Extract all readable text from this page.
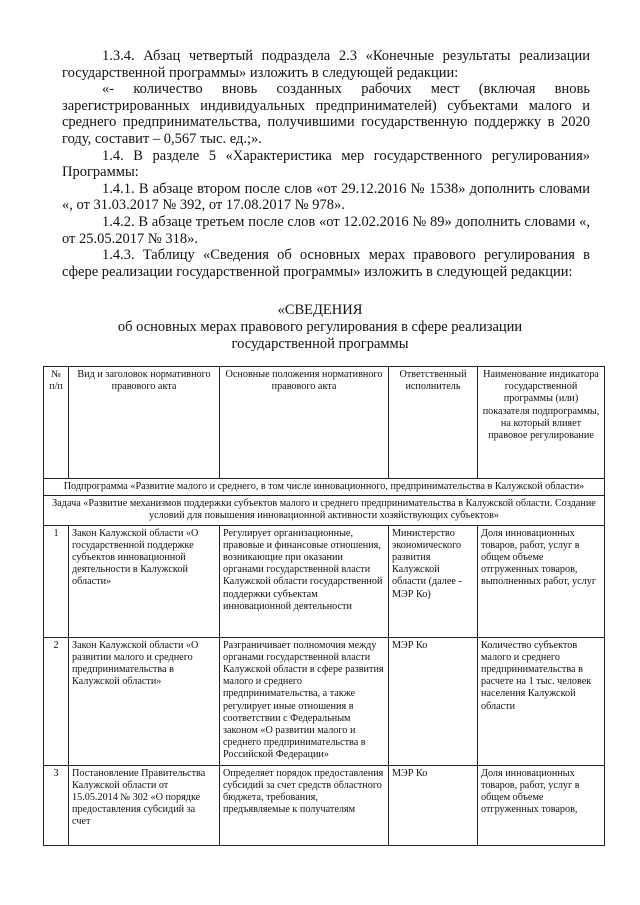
1.3.4. Абзац четвертый подраздела 2.3 «Конечные результаты реализации государственной программы» изложить в следующей редакции:

«- количество вновь созданных рабочих мест (включая вновь зарегистрированных индивидуальных предпринимателей) субъектами малого и среднего предпринимательства, получившими государственную поддержку в 2020 году, составит – 0,567 тыс. ед.;».

1.4. В разделе 5 «Характеристика мер государственного регулирования» Программы:

1.4.1. В абзаце втором после слов «от 29.12.2016 № 1538» дополнить словами «, от 31.03.2017 № 392, от 17.08.2017 № 978».

1.4.2. В абзаце третьем после слов «от 12.02.2016 № 89» дополнить словами «, от 25.05.2017 № 318».

1.4.3. Таблицу «Сведения об основных мерах правового регулирования в сфере реализации государственной программы» изложить в следующей редакции:

«СВЕДЕНИЯ
об основных мерах правового регулирования в сфере реализации
государственной программы
№ п/п	Вид и заголовок нормативного правового акта	Основные положения нормативного правового акта	Ответственный исполнитель	Наименование индикатора государственной программы (или) показателя подпрограммы, на который влияет правовое регулирование
Подпрограмма «Развитие малого и среднего, в том числе инновационного, предпринимательства в Калужской области»				
Задача «Развитие механизмов поддержки субъектов малого и среднего предпринимательства в Калужской области. Создание условий для повышения инновационной активности хозяйствующих субъектов»				
1	Закон Калужской области «О государственной поддержке субъектов инновационной деятельности в Калужской области»	Регулирует организационные, правовые и финансовые отношения, возникающие при оказании органами государственной власти Калужской области государственной поддержки субъектам инновационной деятельности	Министерство экономического развития Калужской области (далее - МЭР Ко)	Доля инновационных товаров, работ, услуг в общем объеме отгруженных товаров, выполненных работ, услуг
2	Закон Калужской области «О развитии малого и среднего предпринимательства в Калужской области»	Разграничивает полномочия между органами государственной власти Калужской области в сфере развития малого и среднего предпринимательства, а также регулирует иные отношения в соответствии с Федеральным законом «О развитии малого и среднего предпринимательства в Российской Федерации»	МЭР Ко	Количество субъектов малого и среднего предпринимательства в расчете на 1 тыс. человек населения Калужской области
3	Постановление Правительства Калужской области от 15.05.2014 № 302 «О порядке предоставления субсидий за счет	Определяет порядок предоставления субсидий за счет средств областного бюджета, требования, предъявляемые к получателям	МЭР Ко	Доля инновационных товаров, работ, услуг в общем объеме отгруженных товаров,
